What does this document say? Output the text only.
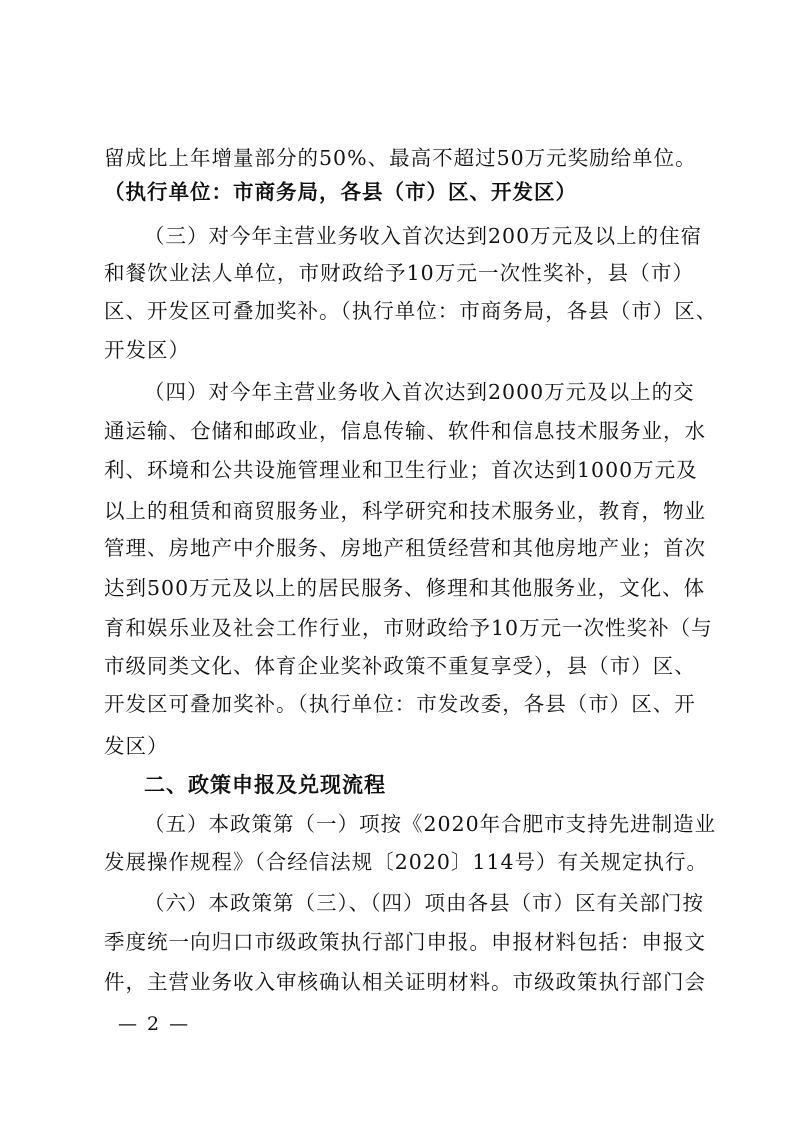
留成比上年增量部分的50%、最高不超过50万元奖励给单位。
（执行单位：市商务局，各县（市）区、开发区）
（三）对今年主营业务收入首次达到200万元及以上的住宿
和餐饮业法人单位，市财政给予10万元一次性奖补，县（市）
区、开发区可叠加奖补。（执行单位：市商务局，各县（市）区、
开发区）
（四）对今年主营业务收入首次达到2000万元及以上的交
通运输、仓储和邮政业，信息传输、软件和信息技术服务业，水
利、环境和公共设施管理业和卫生行业；首次达到1000万元及
以上的租赁和商贸服务业，科学研究和技术服务业，教育，物业
管理、房地产中介服务、房地产租赁经营和其他房地产业；首次
达到500万元及以上的居民服务、修理和其他服务业，文化、体
育和娱乐业及社会工作行业，市财政给予10万元一次性奖补（与
市级同类文化、体育企业奖补政策不重复享受），县（市）区、
开发区可叠加奖补。（执行单位：市发改委，各县（市）区、开
发区）
二、政策申报及兑现流程
（五）本政策第（一）项按《2020年合肥市支持先进制造业
发展操作规程》（合经信法规〔2020〕114号）有关规定执行。
（六）本政策第（三）、（四）项由各县（市）区有关部门按
季度统一向归口市级政策执行部门申报。申报材料包括：申报文
件，主营业务收入审核确认相关证明材料。市级政策执行部门会
— 2 —
